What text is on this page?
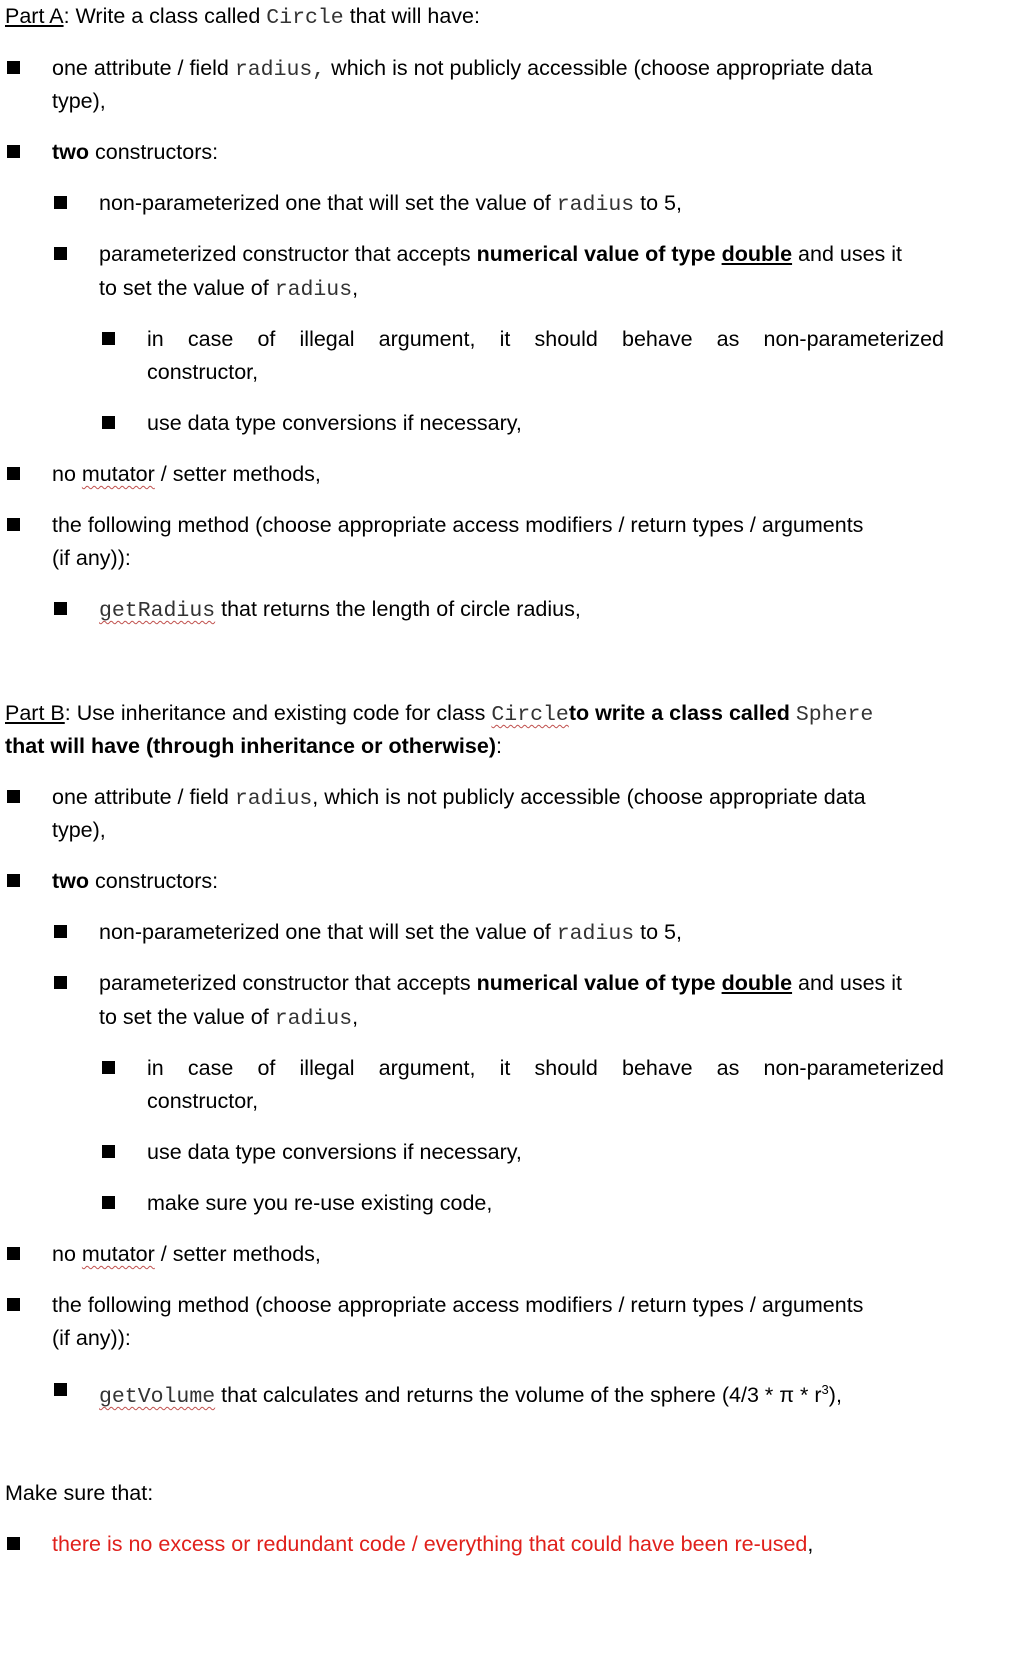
Part A: Write a class called Circle that will have:
one attribute / field radius, which is not publicly accessible (choose appropriate data
type),
two constructors:
non-parameterized one that will set the value of radius to 5,
parameterized constructor that accepts numerical value of type double and uses it
to set the value of radius,
in case of illegal argument, it should behave as non-parameterized
constructor,
use data type conversions if necessary,
no mutator / setter methods,
the following method (choose appropriate access modifiers / return types / arguments
(if any)):
getRadius that returns the length of circle radius,
Part B: Use inheritance and existing code for class Circleto write a class called Sphere
that will have (through inheritance or otherwise):
one attribute / field radius, which is not publicly accessible (choose appropriate data
type),
two constructors:
non-parameterized one that will set the value of radius to 5,
parameterized constructor that accepts numerical value of type double and uses it
to set the value of radius,
in case of illegal argument, it should behave as non-parameterized
constructor,
use data type conversions if necessary,
make sure you re-use existing code,
no mutator / setter methods,
the following method (choose appropriate access modifiers / return types / arguments
(if any)):
getVolume that calculates and returns the volume of the sphere (4/3 * π * $r^3$),
Make sure that:
there is no excess or redundant code / everything that could have been re-used,
